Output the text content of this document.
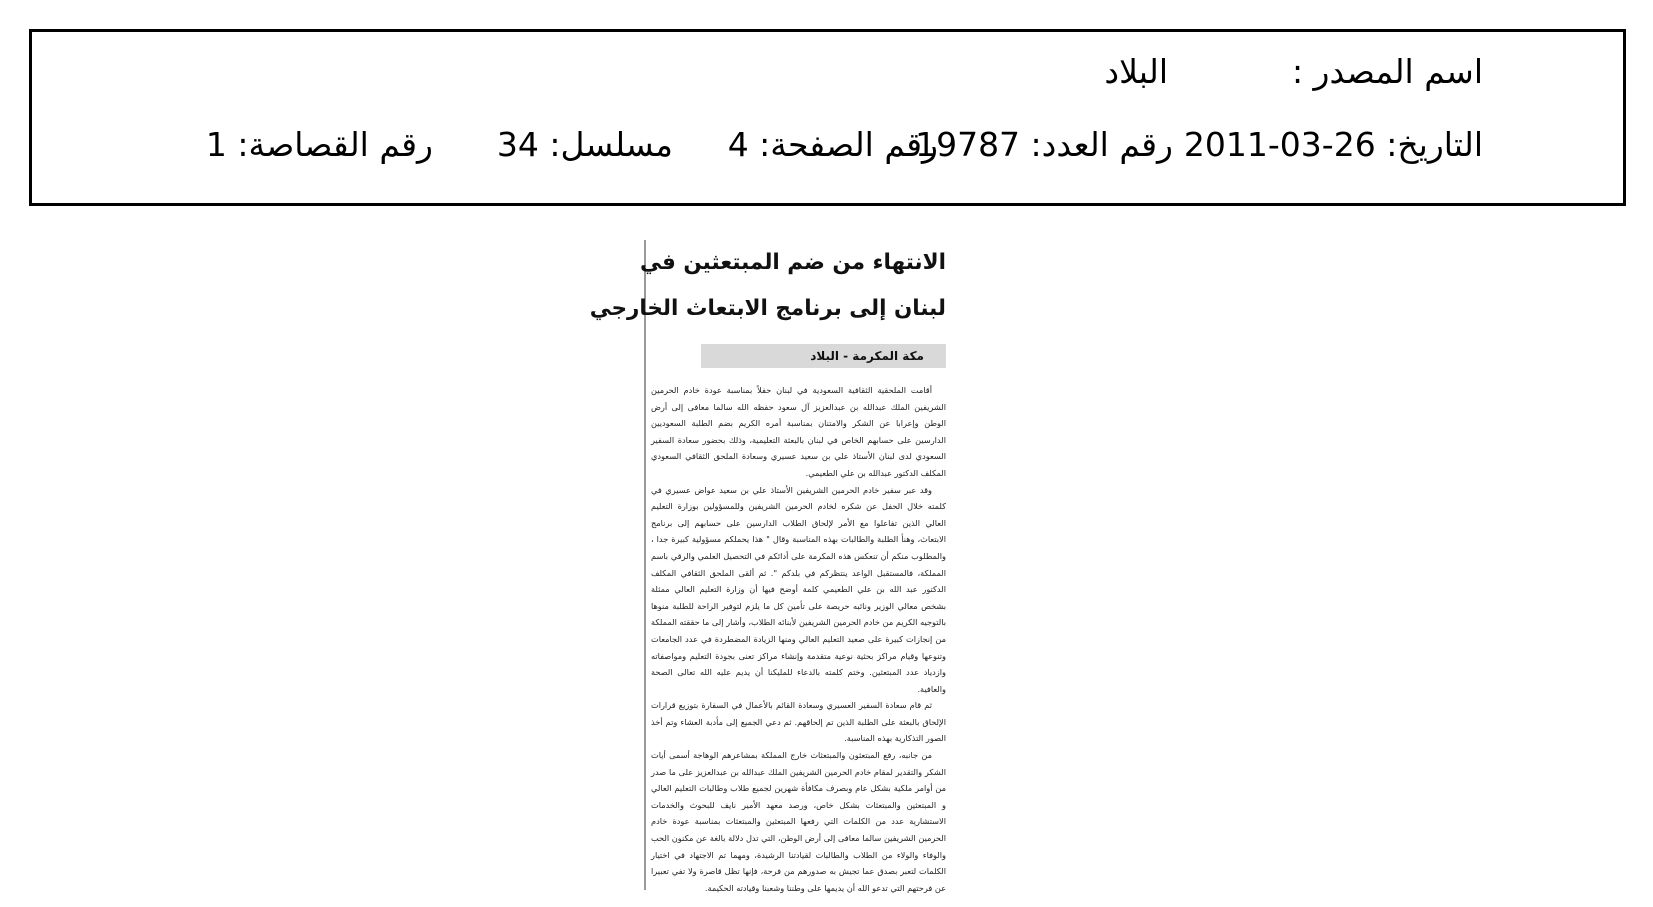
اسم المصدر :
البلاد
التاريخ: 26-03-2011
رقم العدد: 19787
رقم الصفحة: 4
مسلسل: 34
رقم القصاصة: 1
الانتهاء من ضم المبتعثين في
لبنان إلى برنامج الابتعاث الخارجي
مكة المكرمة - البلاد

أقامت الملحقية الثقافية السعودية في لبنان حفلاً بمناسبة عودة خادم الحرمين الشريفين الملك عبدالله بن عبدالعزيز آل سعود حفظه الله سالما معافى إلى أرض الوطن وإعرابا عن الشكر والامتنان بمناسبة أمره الكريم بضم الطلبة السعوديين الدارسين على حسابهم الخاص في لبنان بالبعثة التعليمية، وذلك بحضور سعادة السفير السعودي لدى لبنان الأستاذ علي بن سعيد عسيري وسعادة الملحق الثقافي السعودي المكلف الدكتور عبدالله بن علي الطعيمي.

وقد عبر سفير خادم الحرمين الشريفين الأستاذ علي بن سعيد عواض عسيري في كلمته خلال الحفل عن شكره لخادم الحرمين الشريفين وللمسؤولين بوزارة التعليم العالي الذين تفاعلوا مع الأمر لإلحاق الطلاب الدارسين على حسابهم إلى برنامج الابتعاث، وهنأ الطلبة والطالبات بهذه المناسبة وقال " هذا يحملكم مسؤولية كبيرة جدا ، والمطلوب منكم أن تنعكس هذه المكرمة على أدائكم في التحصيل العلمي والرقي باسم المملكة، فالمستقبل الواعد ينتظركم في بلدكم ". ثم ألقى الملحق الثقافي المكلف الدكتور عبد الله بن علي الطعيمي كلمة أوضح فيها أن وزارة التعليم العالي ممثلة بشخص معالي الوزير ونائبه حريصة على تأمين كل ما يلزم لتوفير الراحة للطلبة منوها بالتوجيه الكريم من خادم الحرمين الشريفين لأبنائه الطلاب، وأشار إلى ما حققته المملكة من إنجازات كبيرة على صعيد التعليم العالي ومنها الزيادة المضطردة في عدد الجامعات وتنوعها وقيام مراكز بحثية نوعية متقدمة وإنشاء مراكز تعنى بجودة التعليم ومواصفاته وازدياد عدد المبتعثين. وختم كلمته بالدعاء للمليكنا أن يديم عليه الله تعالى الصحة والعافية.

ثم قام سعادة السفير العسيري وسعادة القائم بالأعمال في السفارة بتوزيع قرارات الإلحاق بالبعثة على الطلبة الذين تم إلحاقهم. ثم دعي الجميع إلى مأدبة العشاء وتم أخذ الصور التذكارية بهذه المناسبة.

من جانبه، رفع المبتعثون والمبتعثات خارج المملكة بمشاعرهم الوهاجة أسمى أيات الشكر والتقدير لمقام خادم الحرمين الشريفين الملك عبدالله بن عبدالعزيز على ما صدر من أوامر ملكية بشكل عام وبصرف مكافأة شهرين لجميع طلاب وطالبات التعليم العالي و المبتعثين والمبتعثات بشكل خاص، ورصد معهد الأمير نايف للبحوث والخدمات الاستشارية عدد من الكلمات التي رفعها المبتعثين والمبتعثات بمناسبة عودة خادم الحرمين الشريفين سالما معافى إلى أرض الوطن، التي تدل دلالة بالغة عن مكنون الحب والوفاء والولاء من الطلاب والطالبات لقيادتنا الرشيدة، ومهما تم الاجتهاد في اختيار الكلمات لتعبر بصدق عما تجيش به صدورهم من فرحة، فإنها تظل قاصرة ولا تفي تعبيرا عن فرحتهم التي تدعو الله أن يديمها على وطننا وشعبنا وقيادته الحكيمة.
